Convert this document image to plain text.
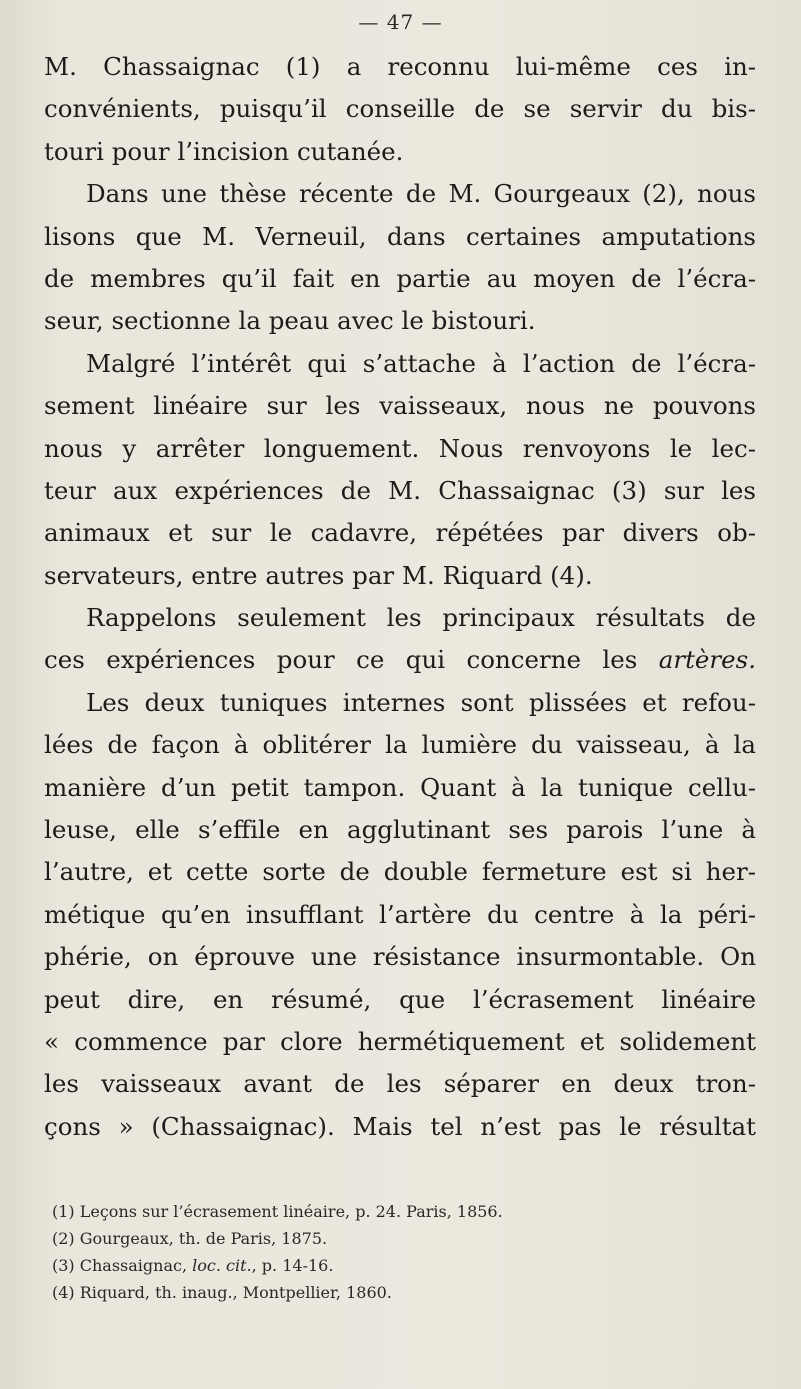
— 47 —
M. Chassaignac (1) a reconnu lui-même ces in-
convénients, puisqu’il conseille de se servir du bis-
touri pour l’incision cutanée.
Dans une thèse récente de M. Gourgeaux (2), nous
lisons que M. Verneuil, dans certaines amputations
de membres qu’il fait en partie au moyen de l’écra-
seur, sectionne la peau avec le bistouri.
Malgré l’intérêt qui s’attache à l’action de l’écra-
sement linéaire sur les vaisseaux, nous ne pouvons
nous y arrêter longuement. Nous renvoyons le lec-
teur aux expériences de M. Chassaignac (3) sur les
animaux et sur le cadavre, répétées par divers ob-
servateurs, entre autres par M. Riquard (4).
Rappelons seulement les principaux résultats de
ces expériences pour ce qui concerne les artères.
Les deux tuniques internes sont plissées et refou-
lées de façon à oblitérer la lumière du vaisseau, à la
manière d’un petit tampon. Quant à la tunique cellu-
leuse, elle s’effile en agglutinant ses parois l’une à
l’autre, et cette sorte de double fermeture est si her-
métique qu’en insufflant l’artère du centre à la péri-
phérie, on éprouve une résistance insurmontable. On
peut dire, en résumé, que l’écrasement linéaire
« commence par clore hermétiquement et solidement
les vaisseaux avant de les séparer en deux tron-
çons » (Chassaignac). Mais tel n’est pas le résultat
(1) Leçons sur l’écrasement linéaire, p. 24. Paris, 1856.
(2) Gourgeaux, th. de Paris, 1875.
(3) Chassaignac, loc. cit., p. 14-16.
(4) Riquard, th. inaug., Montpellier, 1860.
